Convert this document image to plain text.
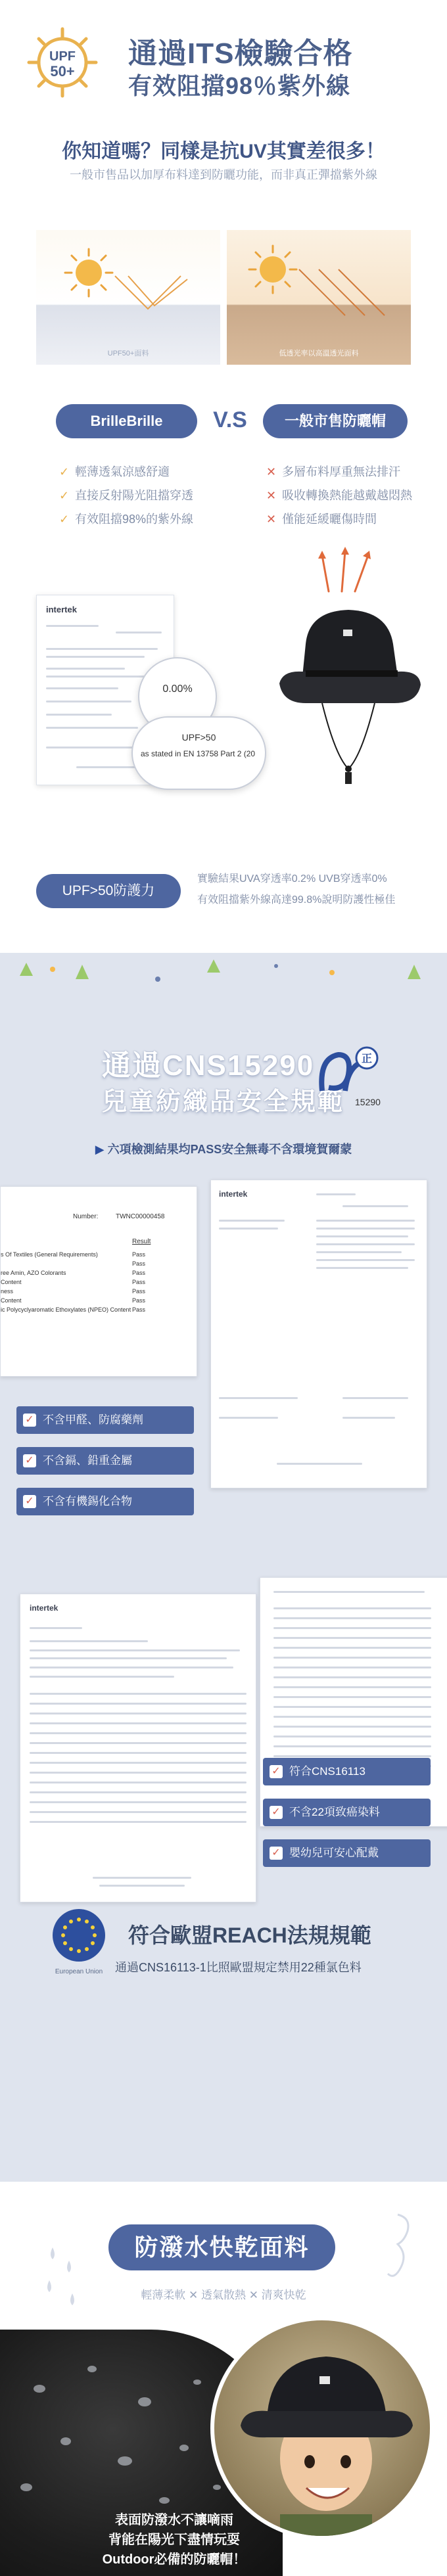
UPF
50+
通過ITS檢驗合格
有效阻擋98％紫外線
你知道嗎？同樣是抗UV其實差很多！
一般市售品以加厚布料達到防曬功能，而非真正彈擋紫外線
UPF50+面料	低透光率以高溫透光面料
BrilleBrille	V.S	一般市售防曬帽
✓ 輕薄透氣涼感舒適
✓ 直接反射陽光阻擋穿透
✓ 有效阻擋98%的紫外線
✕ 多層布料厚重無法排汗
✕ 吸收轉換熱能越戴越悶熱
✕ 僅能延緩曬傷時間
intertek
0.00%
UPF>50
as stated in EN 13758 Part 2 (20
UPF>50防護力
實驗結果UVA穿透率0.2% UVB穿透率0%
有效阻擋紫外線高達99.8%說明防護性極佳
通過CNS15290
兒童紡織品安全規範
正
15290
▶ 六項檢測結果均PASS安全無毒不含環境賀爾蒙
Number:	TWNC00000458
Result
s Of Textiles (General Requirements)	Pass
Pass
ree Amin, AZO Colorants	Pass
Content	Pass
ness	Pass
Content	Pass
ic Polycyclyaromatic Ethoxylates (NPEO) Content Pass
intertek
✓ 不含甲醛、防腐藥劑
✓ 不含鎘、鉛重金屬
✓ 不含有機錫化合物
intertek
✓ 符合CNS16113
✓ 不含22項致癌染料
✓ 嬰幼兒可安心配戴
European Union
符合歐盟REACH法規規範
通過CNS16113-1比照歐盟規定禁用22種氯色料
防潑水快乾面料
輕薄柔軟 ✕ 透氣散熱 ✕ 清爽快乾
表面防潑水不讓嘀雨
背能在陽光下盡情玩耍
Outdoor必備的防曬帽！
